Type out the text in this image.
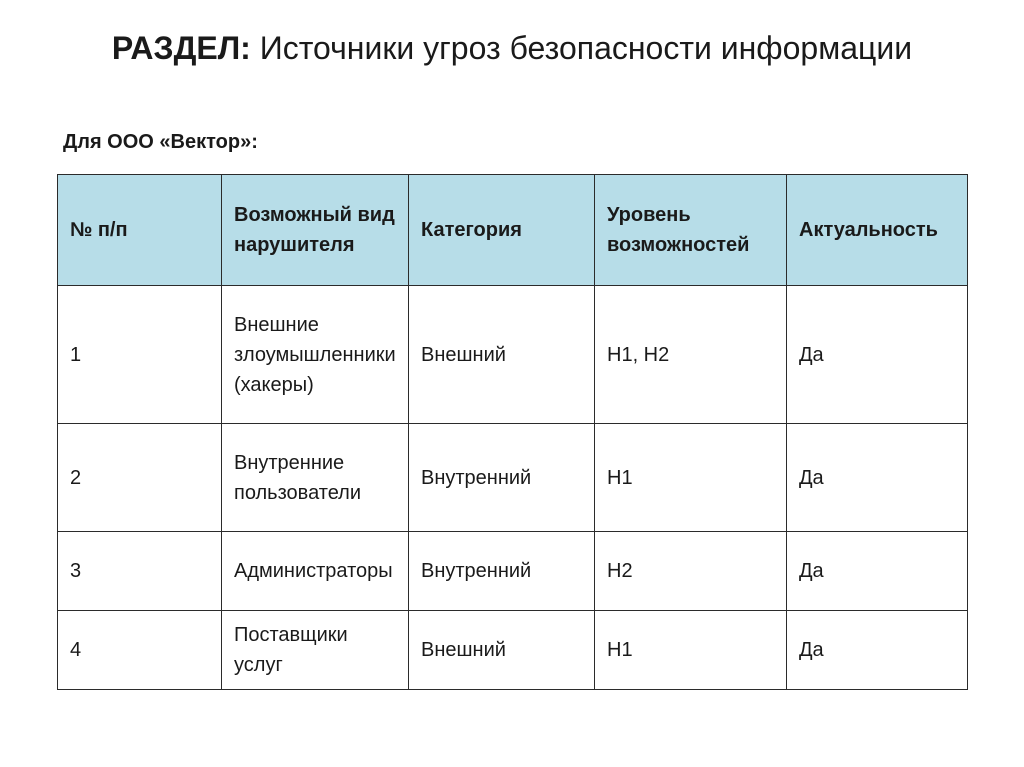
РАЗДЕЛ: Источники угроз безопасности информации
Для ООО «Вектор»:
№ п/п	Возможный вид нарушителя	Категория	Уровень возможностей	Актуальность
1	Внешние злоумышленники (хакеры)	Внешний	Н1, Н2	Да
2	Внутренние пользователи	Внутренний	Н1	Да
3	Администраторы	Внутренний	Н2	Да
4	Поставщики услуг	Внешний	Н1	Да
